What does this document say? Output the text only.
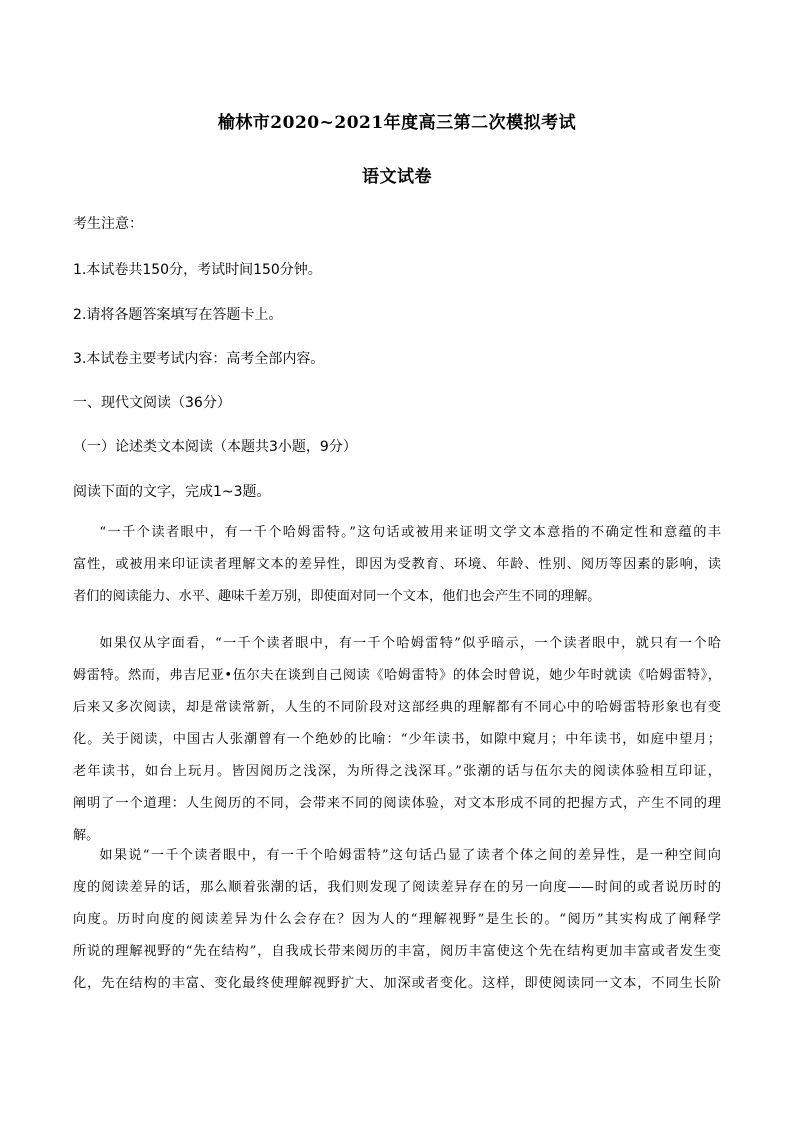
榆林市2020~2021年度高三第二次模拟考试
语文试卷
考生注意：
1.本试卷共150分，考试时间150分钟。
2.请将各题答案填写在答题卡上。
3.本试卷主要考试内容：高考全部内容。
一、现代文阅读（36分）
（一）论述类文本阅读（本题共3小题，9分）
阅读下面的文字，完成1~3题。
“一千个读者眼中，有一千个哈姆雷特。”这句话或被用来证明文学文本意指的不确定性和意蕴的丰
富性，或被用来印证读者理解文本的差异性，即因为受教育、环境、年龄、性别、阅历等因素的影响，读
者们的阅读能力、水平、趣味千差万别，即使面对同一个文本，他们也会产生不同的理解。
如果仅从字面看，“一千个读者眼中，有一千个哈姆雷特”似乎暗示，一个读者眼中，就只有一个哈
姆雷特。然而，弗吉尼亚•伍尔夫在谈到自己阅读《哈姆雷特》的体会时曾说，她少年时就读《哈姆雷特》，
后来又多次阅读，却是常读常新，人生的不同阶段对这部经典的理解都有不同心中的哈姆雷特形象也有变
化。关于阅读，中国古人张潮曾有一个绝妙的比喻：“少年读书，如隙中窥月；中年读书，如庭中望月；
老年读书，如台上玩月。皆因阅历之浅深，为所得之浅深耳。”张潮的话与伍尔夫的阅读体验相互印证，
阐明了一个道理：人生阅历的不同，会带来不同的阅读体验，对文本形成不同的把握方式，产生不同的理
解。
如果说“一千个读者眼中，有一千个哈姆雷特”这句话凸显了读者个体之间的差异性，是一种空间向
度的阅读差异的话，那么顺着张潮的话，我们则发现了阅读差异存在的另一向度——时间的或者说历时的
向度。历时向度的阅读差异为什么会存在？因为人的“理解视野”是生长的。“阅历”其实构成了阐释学
所说的理解视野的“先在结构”，自我成长带来阅历的丰富，阅历丰富使这个先在结构更加丰富或者发生变
化，先在结构的丰富、变化最终使理解视野扩大、加深或者变化。这样，即使阅读同一文本，不同生长阶
